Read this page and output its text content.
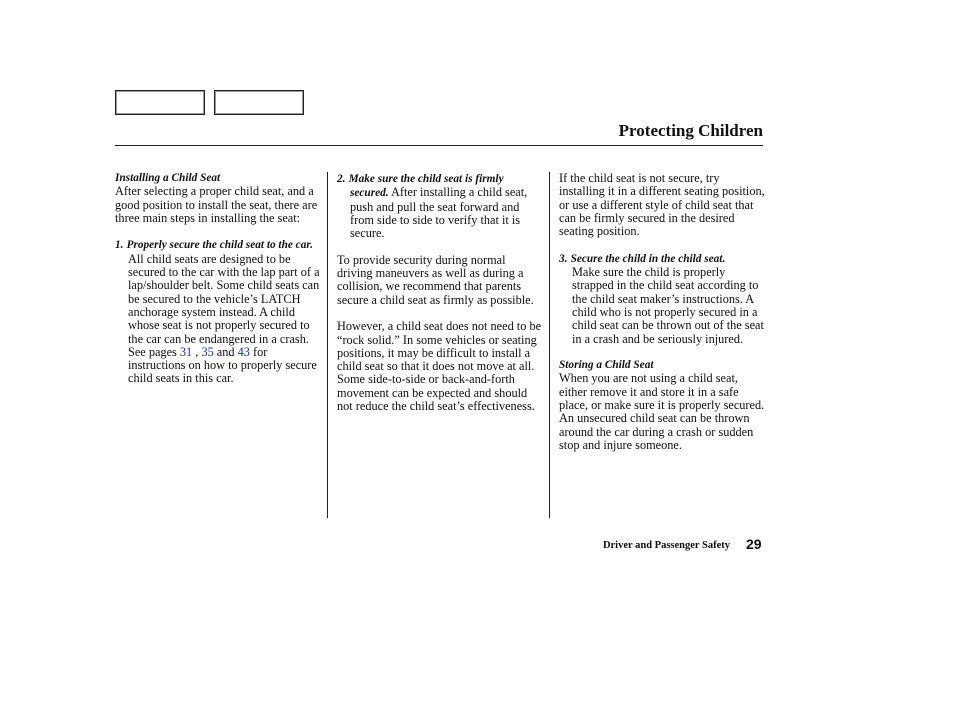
Protecting Children
Installing a Child Seat

After selecting a proper child seat, and a good position to install the seat, there are three main steps in installing the seat:

1. Properly secure the child seat to the car. All child seats are designed to be secured to the car with the lap part of a lap/shoulder belt. Some child seats can be secured to the vehicle’s LATCH anchorage system instead. A child whose seat is not properly secured to the car can be endangered in a crash. See pages 31 , 35 and 43 for instructions on how to properly secure child seats in this car.
2. Make sure the child seat is firmly secured. After installing a child seat, push and pull the seat forward and from side to side to verify that it is secure.

To provide security during normal driving maneuvers as well as during a collision, we recommend that parents secure a child seat as firmly as possible.

However, a child seat does not need to be “rock solid.” In some vehicles or seating positions, it may be difficult to install a child seat so that it does not move at all. Some side-to-side or back-and-forth movement can be expected and should not reduce the child seat’s effectiveness.

If the child seat is not secure, try installing it in a different seating position, or use a different style of child seat that can be firmly secured in the desired seating position.

3. Secure the child in the child seat.
Make sure the child is properly strapped in the child seat according to the child seat maker’s instructions. A child who is not properly secured in a child seat can be thrown out of the seat in a crash and be seriously injured.
Storing a Child Seat

When you are not using a child seat, either remove it and store it in a safe place, or make sure it is properly secured. An unsecured child seat can be thrown around the car during a crash or sudden stop and injure someone.

Driver and Passenger Safety 29
